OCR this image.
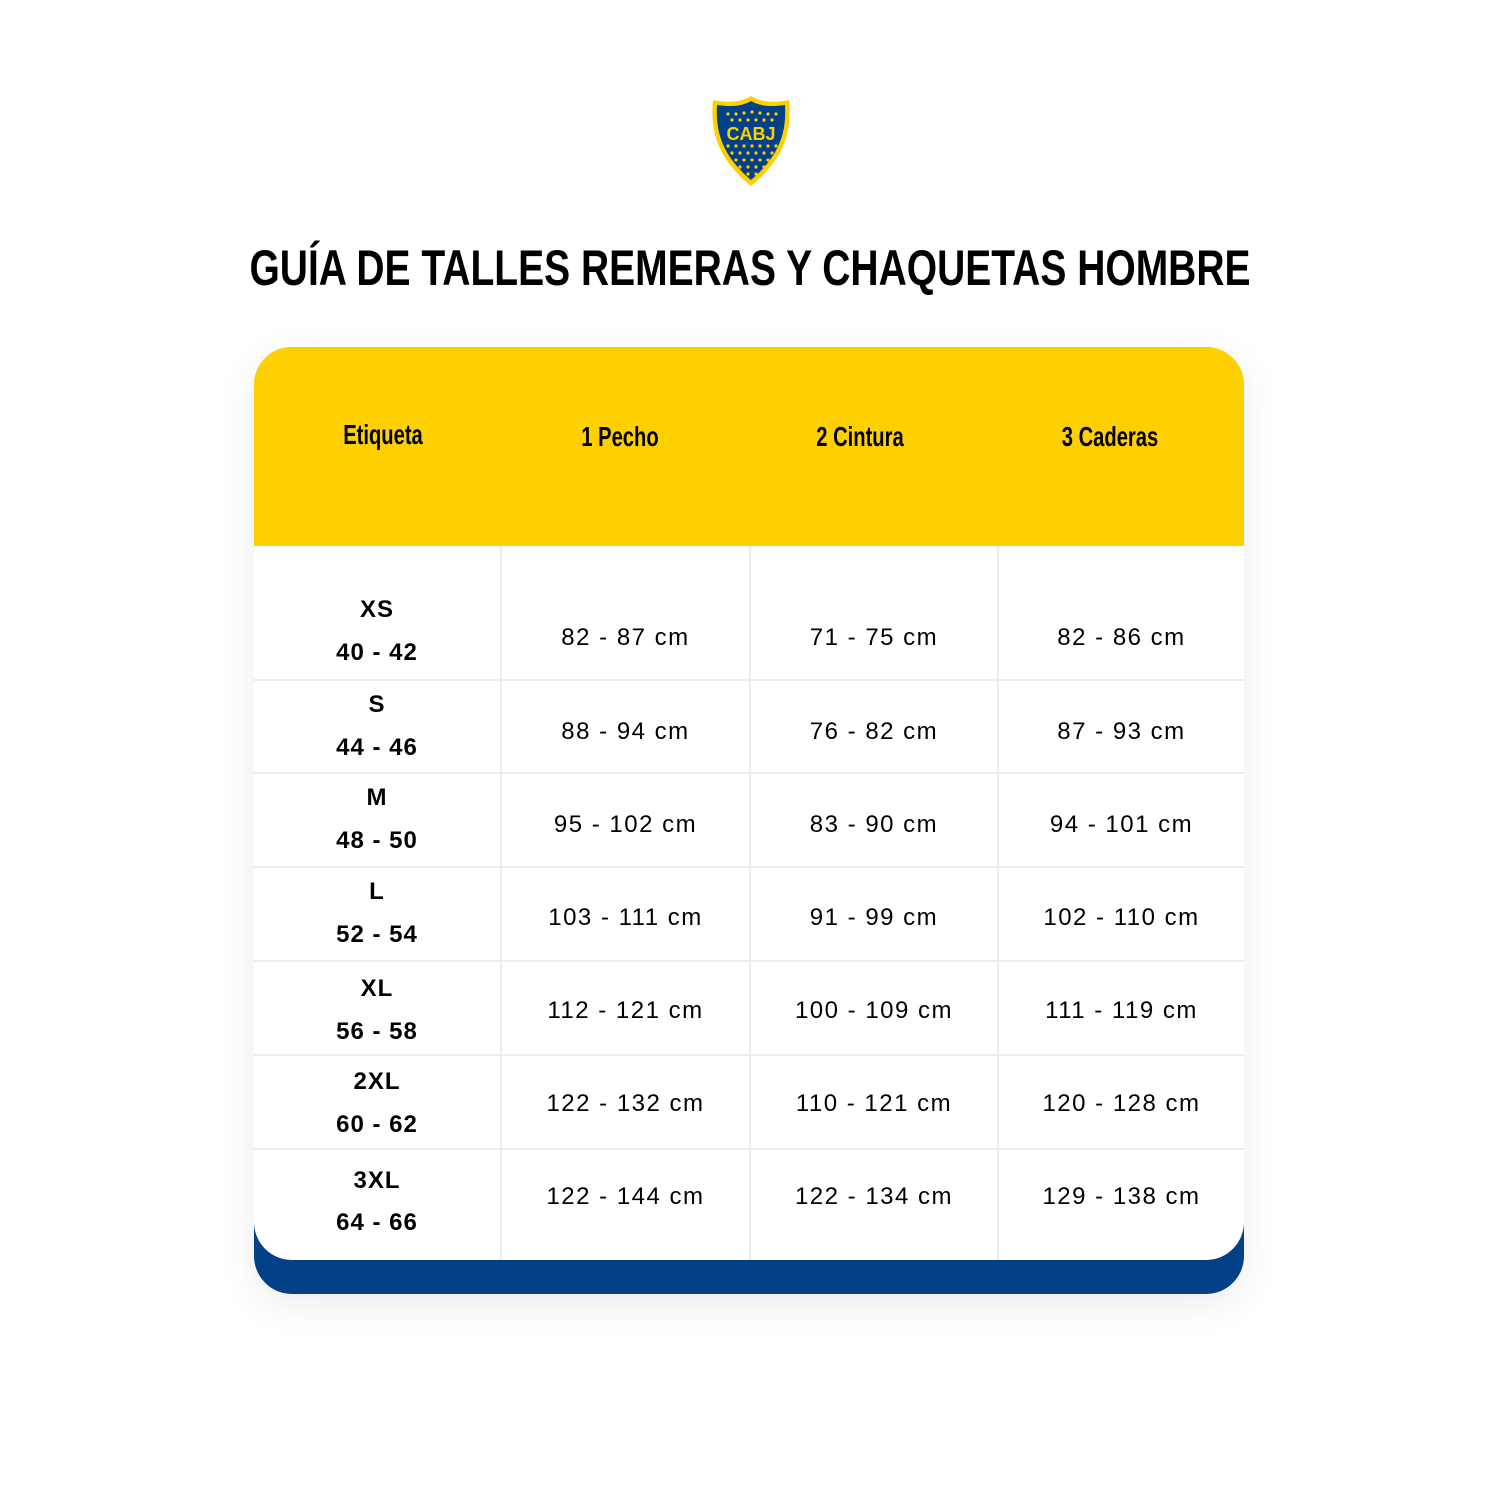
CABJ
GUÍA DE TALLES REMERAS Y CHAQUETAS HOMBRE
Etiqueta	1 Pecho	2 Cintura	3 Caderas
XS
40 - 42
82 - 87 cm	71 - 75 cm	82 - 86 cm
S
44 - 46
88 - 94 cm	76 - 82 cm	87 - 93 cm
M
48 - 50
95 - 102 cm	83 - 90 cm	94 - 101 cm
L
52 - 54
103 - 111 cm	91 - 99 cm	102 - 110 cm
XL
56 - 58
112 - 121 cm	100 - 109 cm	111 - 119 cm
2XL
60 - 62
122 - 132 cm	110 - 121 cm	120 - 128 cm
3XL
64 - 66
122 - 144 cm	122 - 134 cm	129 - 138 cm
